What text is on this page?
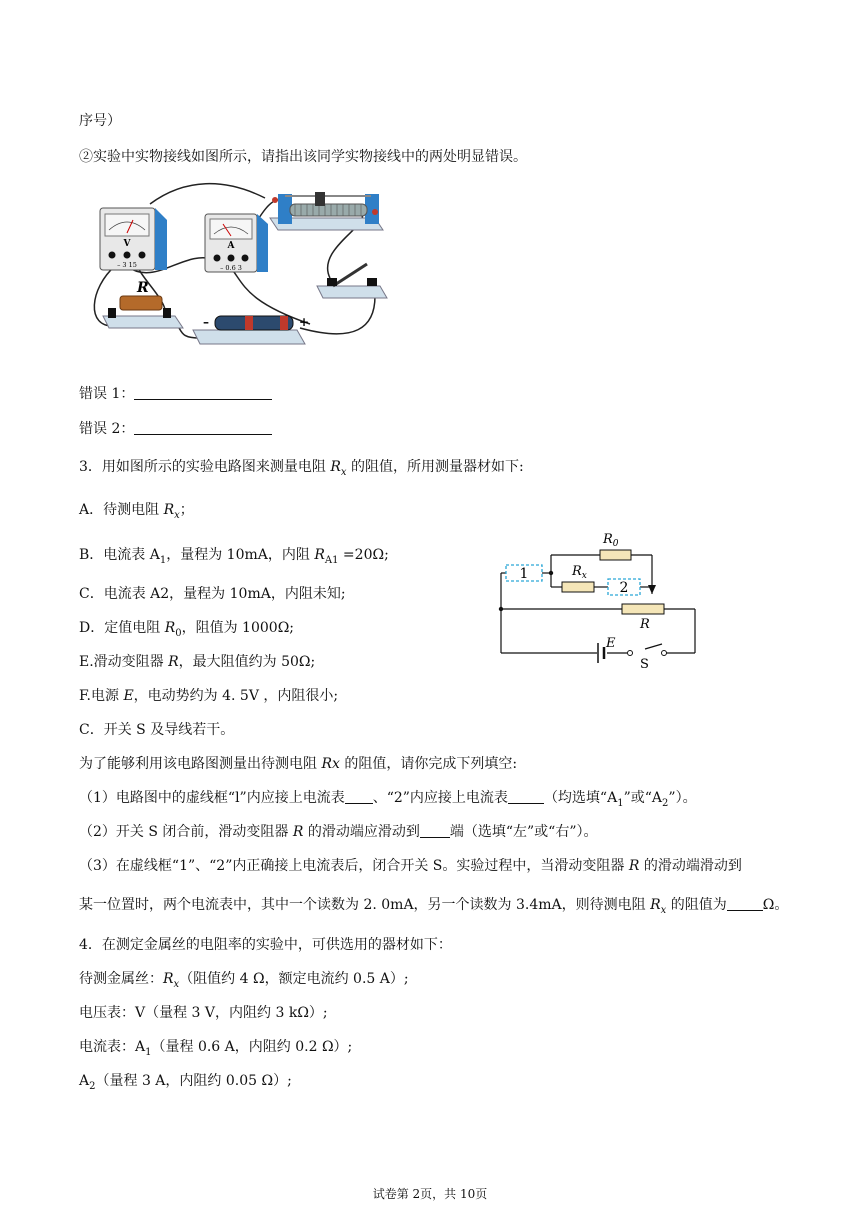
序号）
②实验中实物接线如图所示，请指出该同学实物接线中的两处明显错误。
V
– 3 15
A
– 0.6 3
R
–	+
错误 1：
错误 2：
3．用如图所示的实验电路图来测量电阻 $R_x$ 的阻值，所用测量器材如下:
A．待测电阻 $R_x$；
B．电流表 $A_1$，量程为 10mA，内阻 $R_{A1} =20\Omega$;
C．电流表 A2，量程为 10mA，内阻未知;
D．定值电阻 $R_0$，阻值为 1000Ω;
E.滑动变阻器 R，最大阻值约为 50Ω;
F.电源 E，电动势约为 4. 5V ，内阻很小;
C．开关 S 及导线若干。
1
2
$R_0$
$R_x$
R
E
S
为了能够利用该电路图测量出待测电阻 Rx 的阻值，请你完成下列填空:
（1）电路图中的虚线框“l”内应接上电流表 、“2”内应接上电流表	（均选填“$A_1$”或“$A_2$”）。
（2）开关 S 闭合前，滑动变阻器 R 的滑动端应滑动到 端（选填“左”或“右”）。
（3）在虚线框“1”、“2”内正确接上电流表后，闭合开关 S。实验过程中，当滑动变阻器 R 的滑动端滑动到
某一位置时，两个电流表中，其中一个读数为 2. 0mA，另一个读数为 3.4mA，则待测电阻 $R_x$ 的阻值为	Ω。
4．在测定金属丝的电阻率的实验中，可供选用的器材如下：
待测金属丝：$R_x$（阻值约 4 Ω，额定电流约 0.5 A）;
电压表：V（量程 3 V，内阻约 3 kΩ）;
电流表：$A_1$（量程 0.6 A，内阻约 0.2 Ω）;
$A_2$（量程 3 A，内阻约 0.05 Ω）;
试卷第 2页，共 10页
